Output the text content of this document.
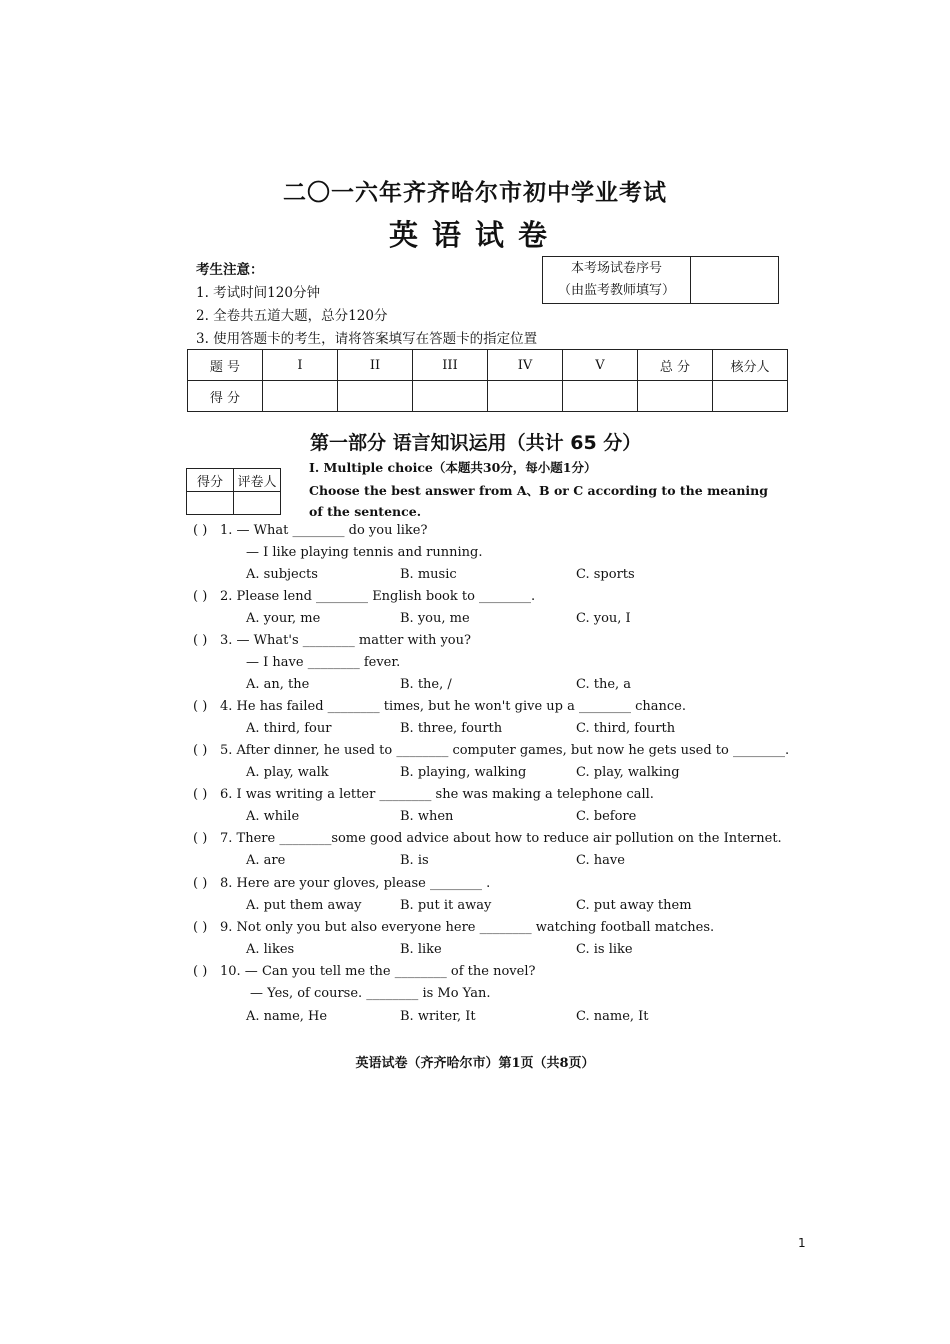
二〇一六年齐齐哈尔市初中学业考试
英语试卷
考生注意：
1. 考试时间120分钟
2. 全卷共五道大题，总分120分
3. 使用答题卡的考生，请将答案填写在答题卡的指定位置
本考场试卷序号
（由监考教师填写）

题 号	I	II	III	IV	V	总 分	核分人
得 分							
第一部分 语言知识运用（共计 65 分）
得分	评卷人

I. Multiple choice（本题共30分，每小题1分）
Choose the best answer from A、B or C according to the meaning of the sentence.
( ) 1. — What ________ do you like?
— I like playing tennis and running.
A. subjects	B. music	C. sports
( ) 2. Please lend ________ English book to ________.
A. your, me	B. you, me	C. you, I
( ) 3. — What's ________ matter with you?
— I have ________ fever.
A. an, the	B. the, /	C. the, a
( ) 4. He has failed ________ times, but he won't give up a ________ chance.
A. third, four	B. three, fourth	C. third, fourth
( ) 5. After dinner, he used to ________ computer games, but now he gets used to ________.
A. play, walk	B. playing, walking	C. play, walking
( ) 6. I was writing a letter ________ she was making a telephone call.
A. while	B. when	C. before
( ) 7. There ________some good advice about how to reduce air pollution on the Internet.
A. are	B. is	C. have
( ) 8. Here are your gloves, please ________ .
A. put them away	B. put it away	C. put away them
( ) 9. Not only you but also everyone here ________ watching football matches.
A. likes	B. like	C. is like
( ) 10. — Can you tell me the ________ of the novel?
— Yes, of course. ________ is Mo Yan.
A. name, He	B. writer, It	C. name, It
英语试卷（齐齐哈尔市）第1页（共8页）
1
